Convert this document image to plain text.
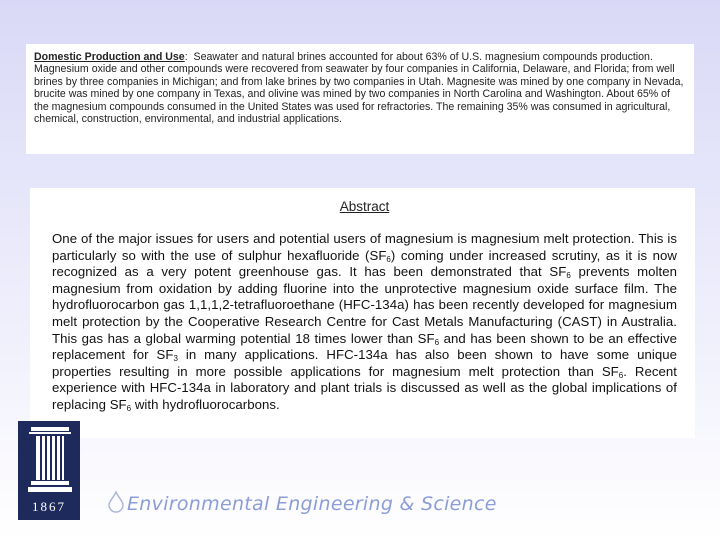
Domestic Production and Use: Seawater and natural brines accounted for about 63% of U.S. magnesium compounds production. Magnesium oxide and other compounds were recovered from seawater by four companies in California, Delaware, and Florida; from well brines by three companies in Michigan; and from lake brines by two companies in Utah. Magnesite was mined by one company in Nevada, brucite was mined by one company in Texas, and olivine was mined by two companies in North Carolina and Washington. About 65% of the magnesium compounds consumed in the United States was used for refractories. The remaining 35% was consumed in agricultural, chemical, construction, environmental, and industrial applications.
Abstract

One of the major issues for users and potential users of magnesium is magnesium melt protection. This is particularly so with the use of sulphur hexafluoride $(SF_6)$ coming under increased scrutiny, as it is now recognized as a very potent greenhouse gas. It has been demonstrated that $SF_6$ prevents molten magnesium from oxidation by adding fluorine into the unprotective magnesium oxide surface film. The hydrofluorocarbon gas 1,1,1,2-tetrafluoroethane (HFC-134a) has been recently developed for magnesium melt protection by the Cooperative Research Centre for Cast Metals Manufacturing (CAST) in Australia. This gas has a global warming potential 18 times lower than $SF_6$ and has been shown to be an effective replacement for $SF_3$ in many applications. HFC-134a has also been shown to have some unique properties resulting in more possible applications for magnesium melt protection than $SF_6$. Recent experience with HFC-134a in laboratory and plant trials is discussed as well as the global implications of replacing $SF_6$ with hydrofluorocarbons.

1867	Environmental Engineering & Science
